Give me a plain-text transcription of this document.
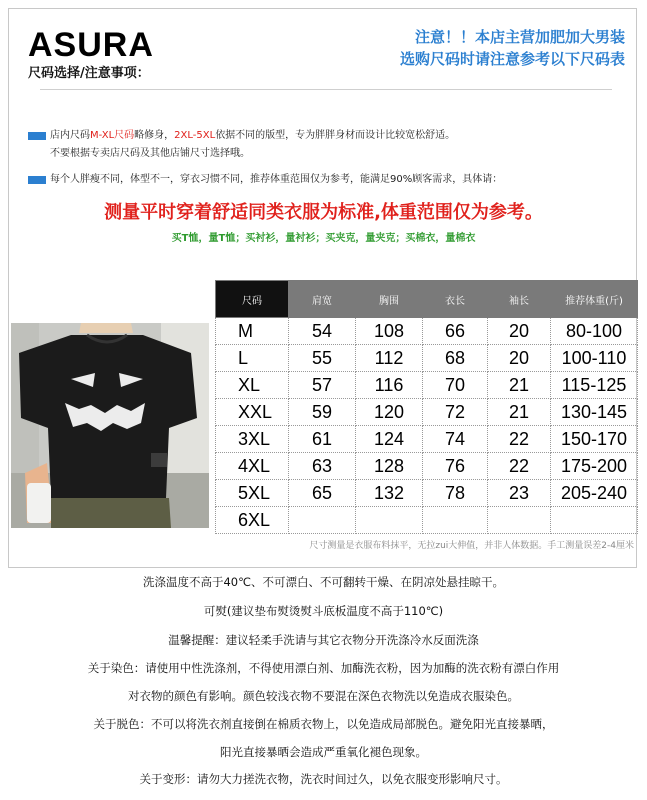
ASURA
尺码选择/注意事项：
注意！！本店主营加肥加大男装
选购尺码时请注意参考以下尺码表
店内尺码M-XL尺码略修身，2XL-5XL依据不同的版型，专为胖胖身材而设计比较宽松舒适。
不要根据专卖店尺码及其他店铺尺寸选择哦。
每个人胖瘦不同，体型不一，穿衣习惯不同，推荐体重范围仅为参考，能满足90%顾客需求，具体请：
测量平时穿着舒适同类衣服为标准,体重范围仅为参考。
买T恤，量T恤；买衬衫，量衬衫；买夹克，量夹克；买棉衣，量棉衣
尺码	肩宽	胸围	衣长	袖长	推荐体重(斤)
M	54	108	66	20	80-100
L	55	112	68	20	100-110
XL	57	116	70	21	115-125
XXL	59	120	72	21	130-145
3XL	61	124	74	22	150-170
4XL	63	128	76	22	175-200
5XL	65	132	78	23	205-240
6XL					
尺寸测量是衣服布料抹平，无拉zui大伸值，并非人体数据。手工测量误差2-4厘米
洗涤温度不高于40℃、不可漂白、不可翻转干燥、在阴凉处悬挂晾干。
可熨(建议垫布熨烫熨斗底板温度不高于110℃)
温馨提醒：建议轻柔手洗请与其它衣物分开洗涤冷水反面洗涤
关于染色：请使用中性洗涤剂，不得使用漂白剂、加酶洗衣粉，因为加酶的洗衣粉有漂白作用
对衣物的颜色有影响。颜色较浅衣物不要混在深色衣物洗以免造成衣服染色。
关于脱色：不可以将洗衣剂直接倒在棉质衣物上，以免造成局部脱色。避免阳光直接暴晒，
阳光直接暴晒会造成严重氧化褪色现象。
关于变形：请勿大力搓洗衣物，洗衣时间过久，以免衣服变形影响尺寸。
